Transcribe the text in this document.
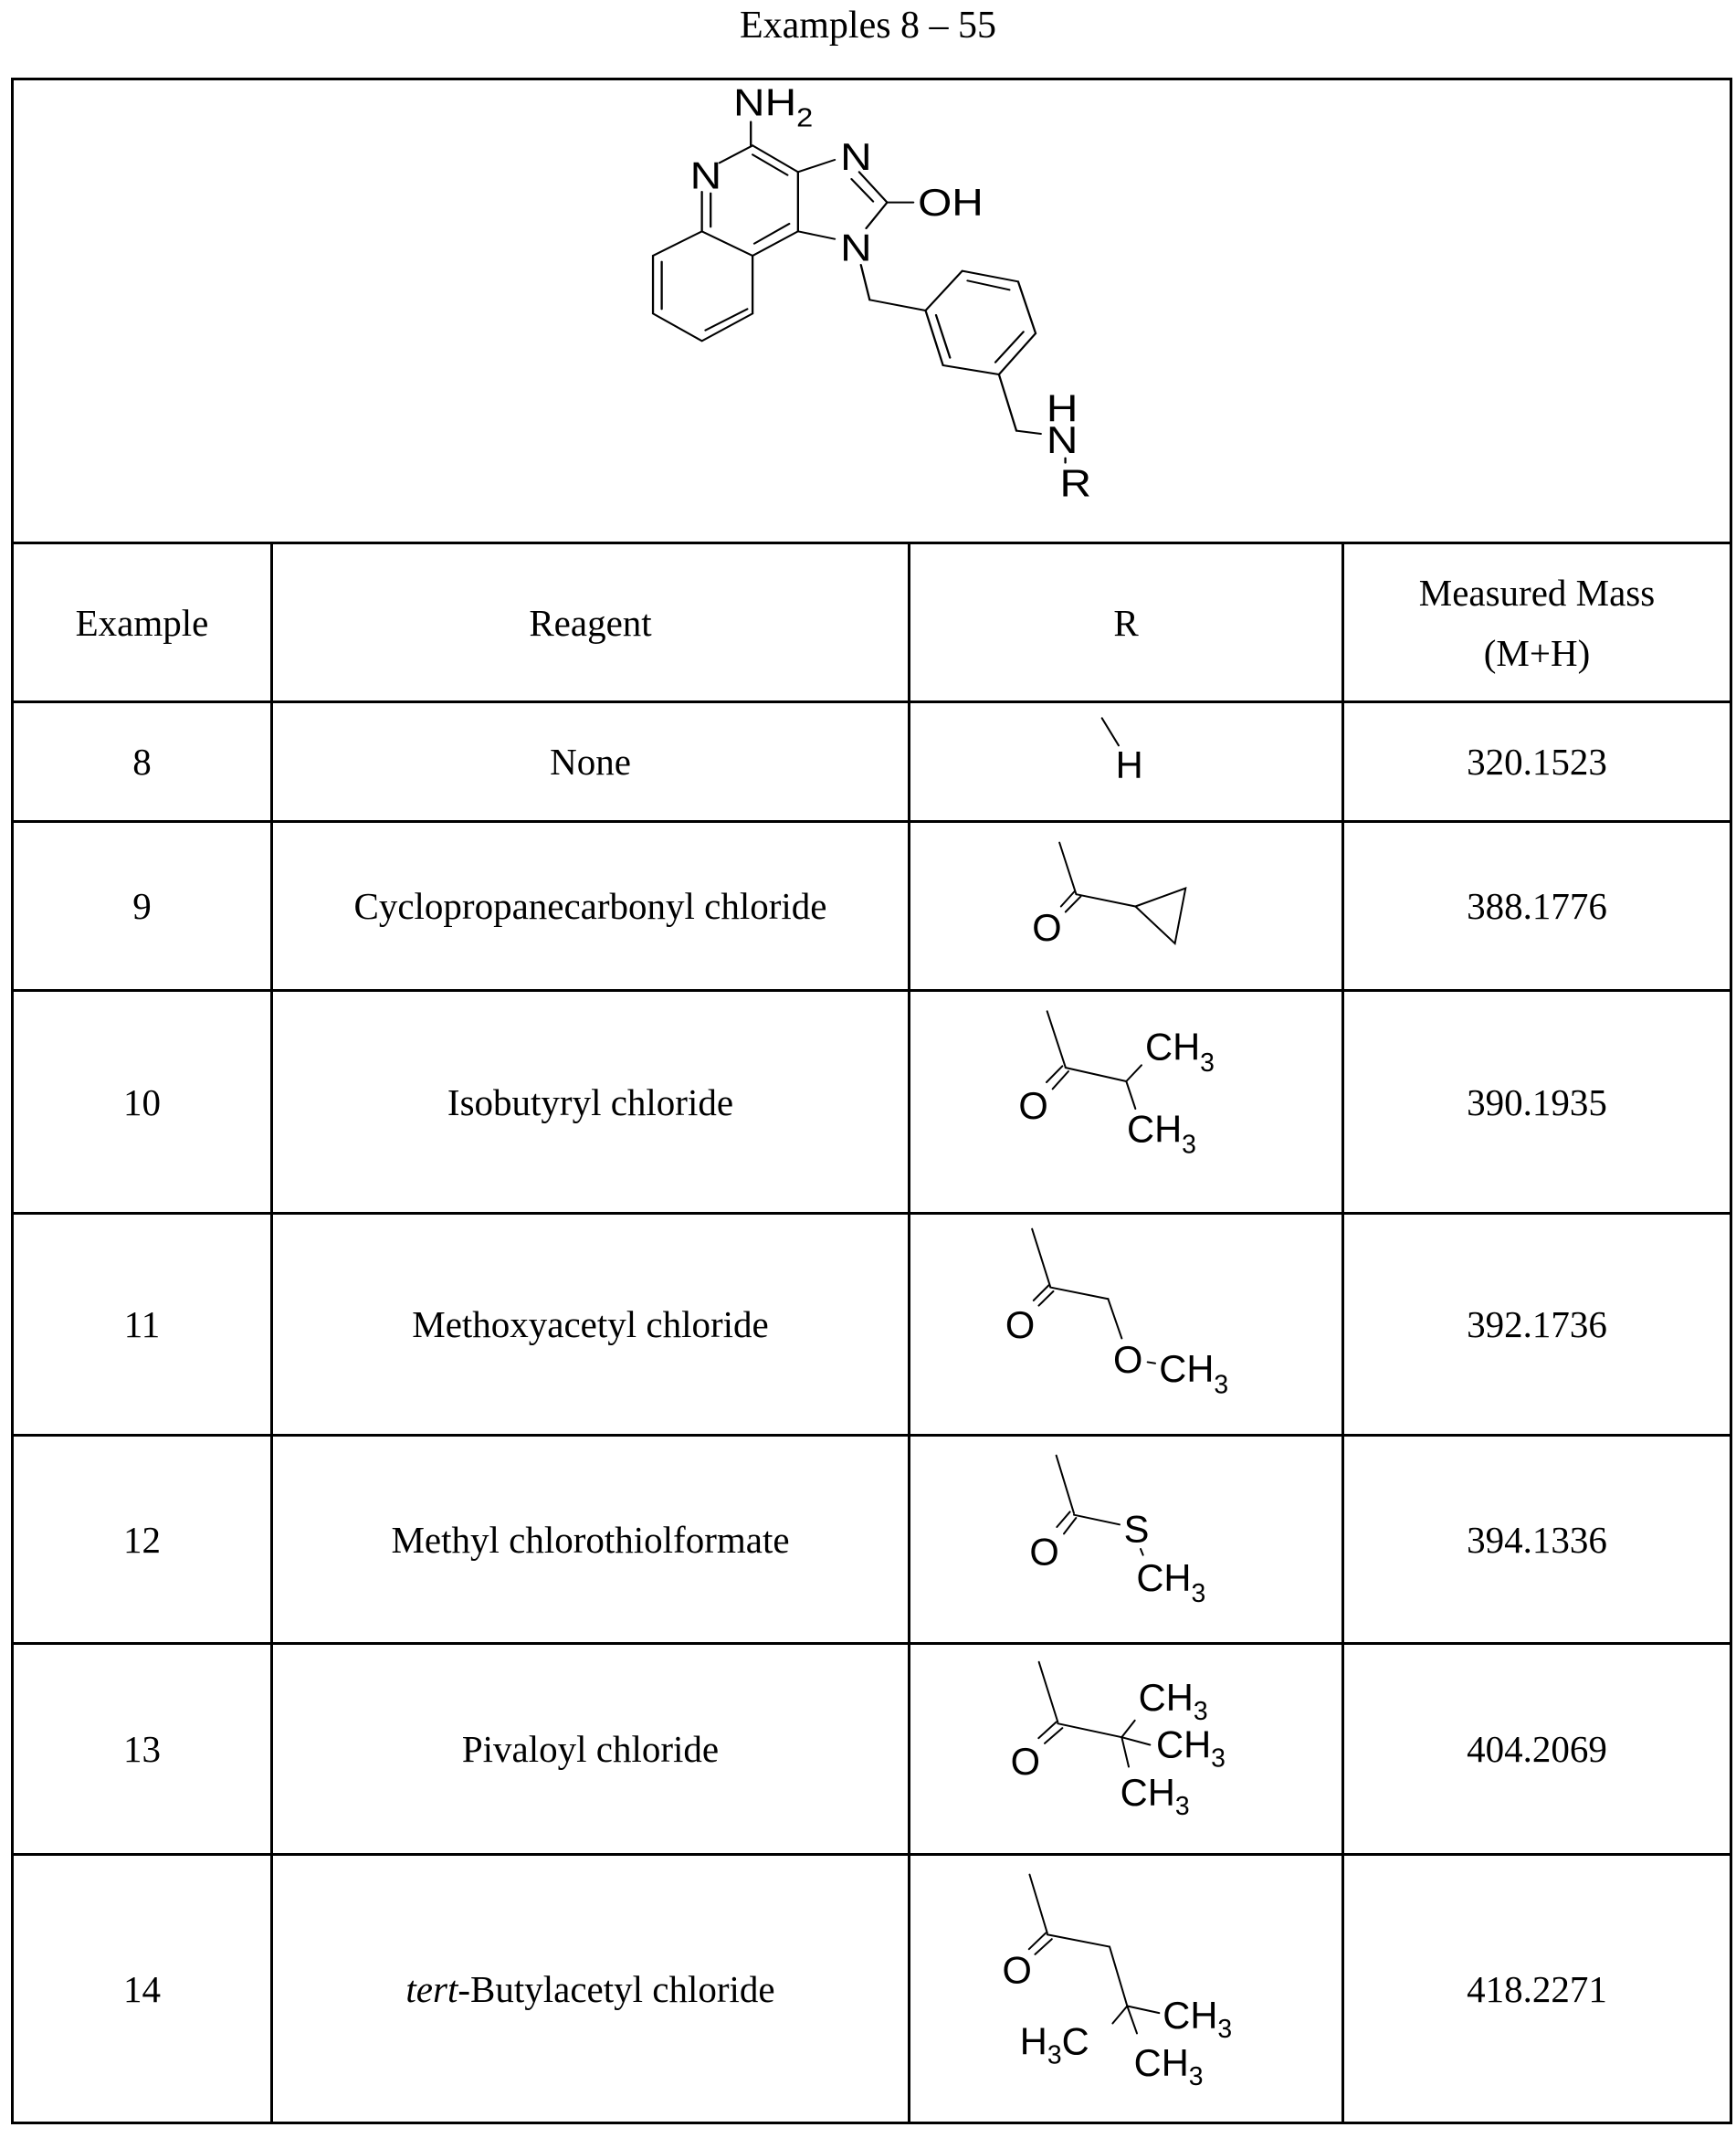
Examples 8 – 55
NH2
N N
OH
N
H
N
R

Example	Reagent	R	Measured Mass
(M+H)
8	None	H	320.1523
9	Cyclopropanecarbonyl chloride	O	388.1776
10	Isobutyryl chloride	O
CH3
CH3
	390.1935
11	Methoxyacetyl chloride	O
O CH3
	392.1736
12	Methyl chlorothiolformate	O
S
CH3
	394.1336
13	Pivaloyl chloride	O
CH3
CH3
CH3
	404.2069
14	tert-Butylacetyl chloride	O
CH3
H3C CH3
	418.2271
